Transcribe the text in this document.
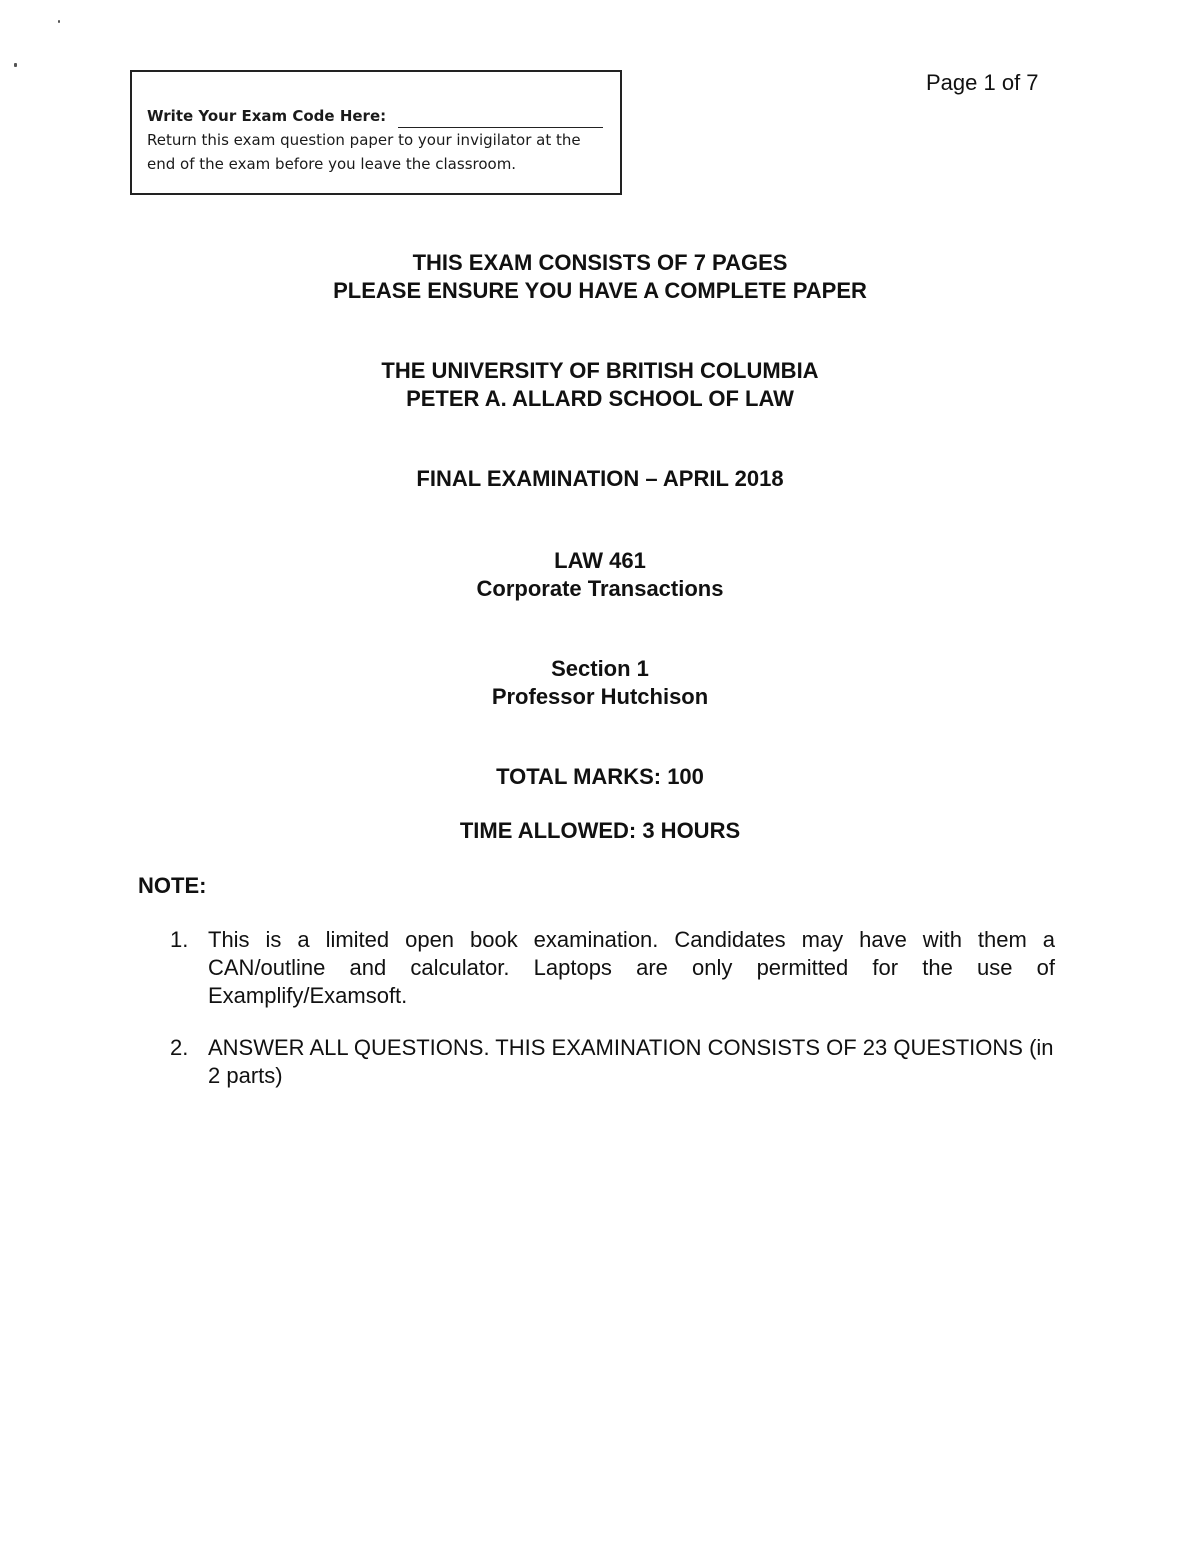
Page 1 of 7
Write Your Exam Code Here:
Return this exam question paper to your invigilator at the
end of the exam before you leave the classroom.
THIS EXAM CONSISTS OF 7 PAGES
PLEASE ENSURE YOU HAVE A COMPLETE PAPER
THE UNIVERSITY OF BRITISH COLUMBIA
PETER A. ALLARD SCHOOL OF LAW
FINAL EXAMINATION – APRIL 2018
LAW 461
Corporate Transactions
Section 1
Professor Hutchison
TOTAL MARKS: 100
TIME ALLOWED: 3 HOURS
NOTE:
1. This is a limited open book examination. Candidates may have with them a CAN/outline and calculator. Laptops are only permitted for the use of Examplify/Examsoft.
2. ANSWER ALL QUESTIONS. THIS EXAMINATION CONSISTS OF 23 QUESTIONS (in 2 parts)
